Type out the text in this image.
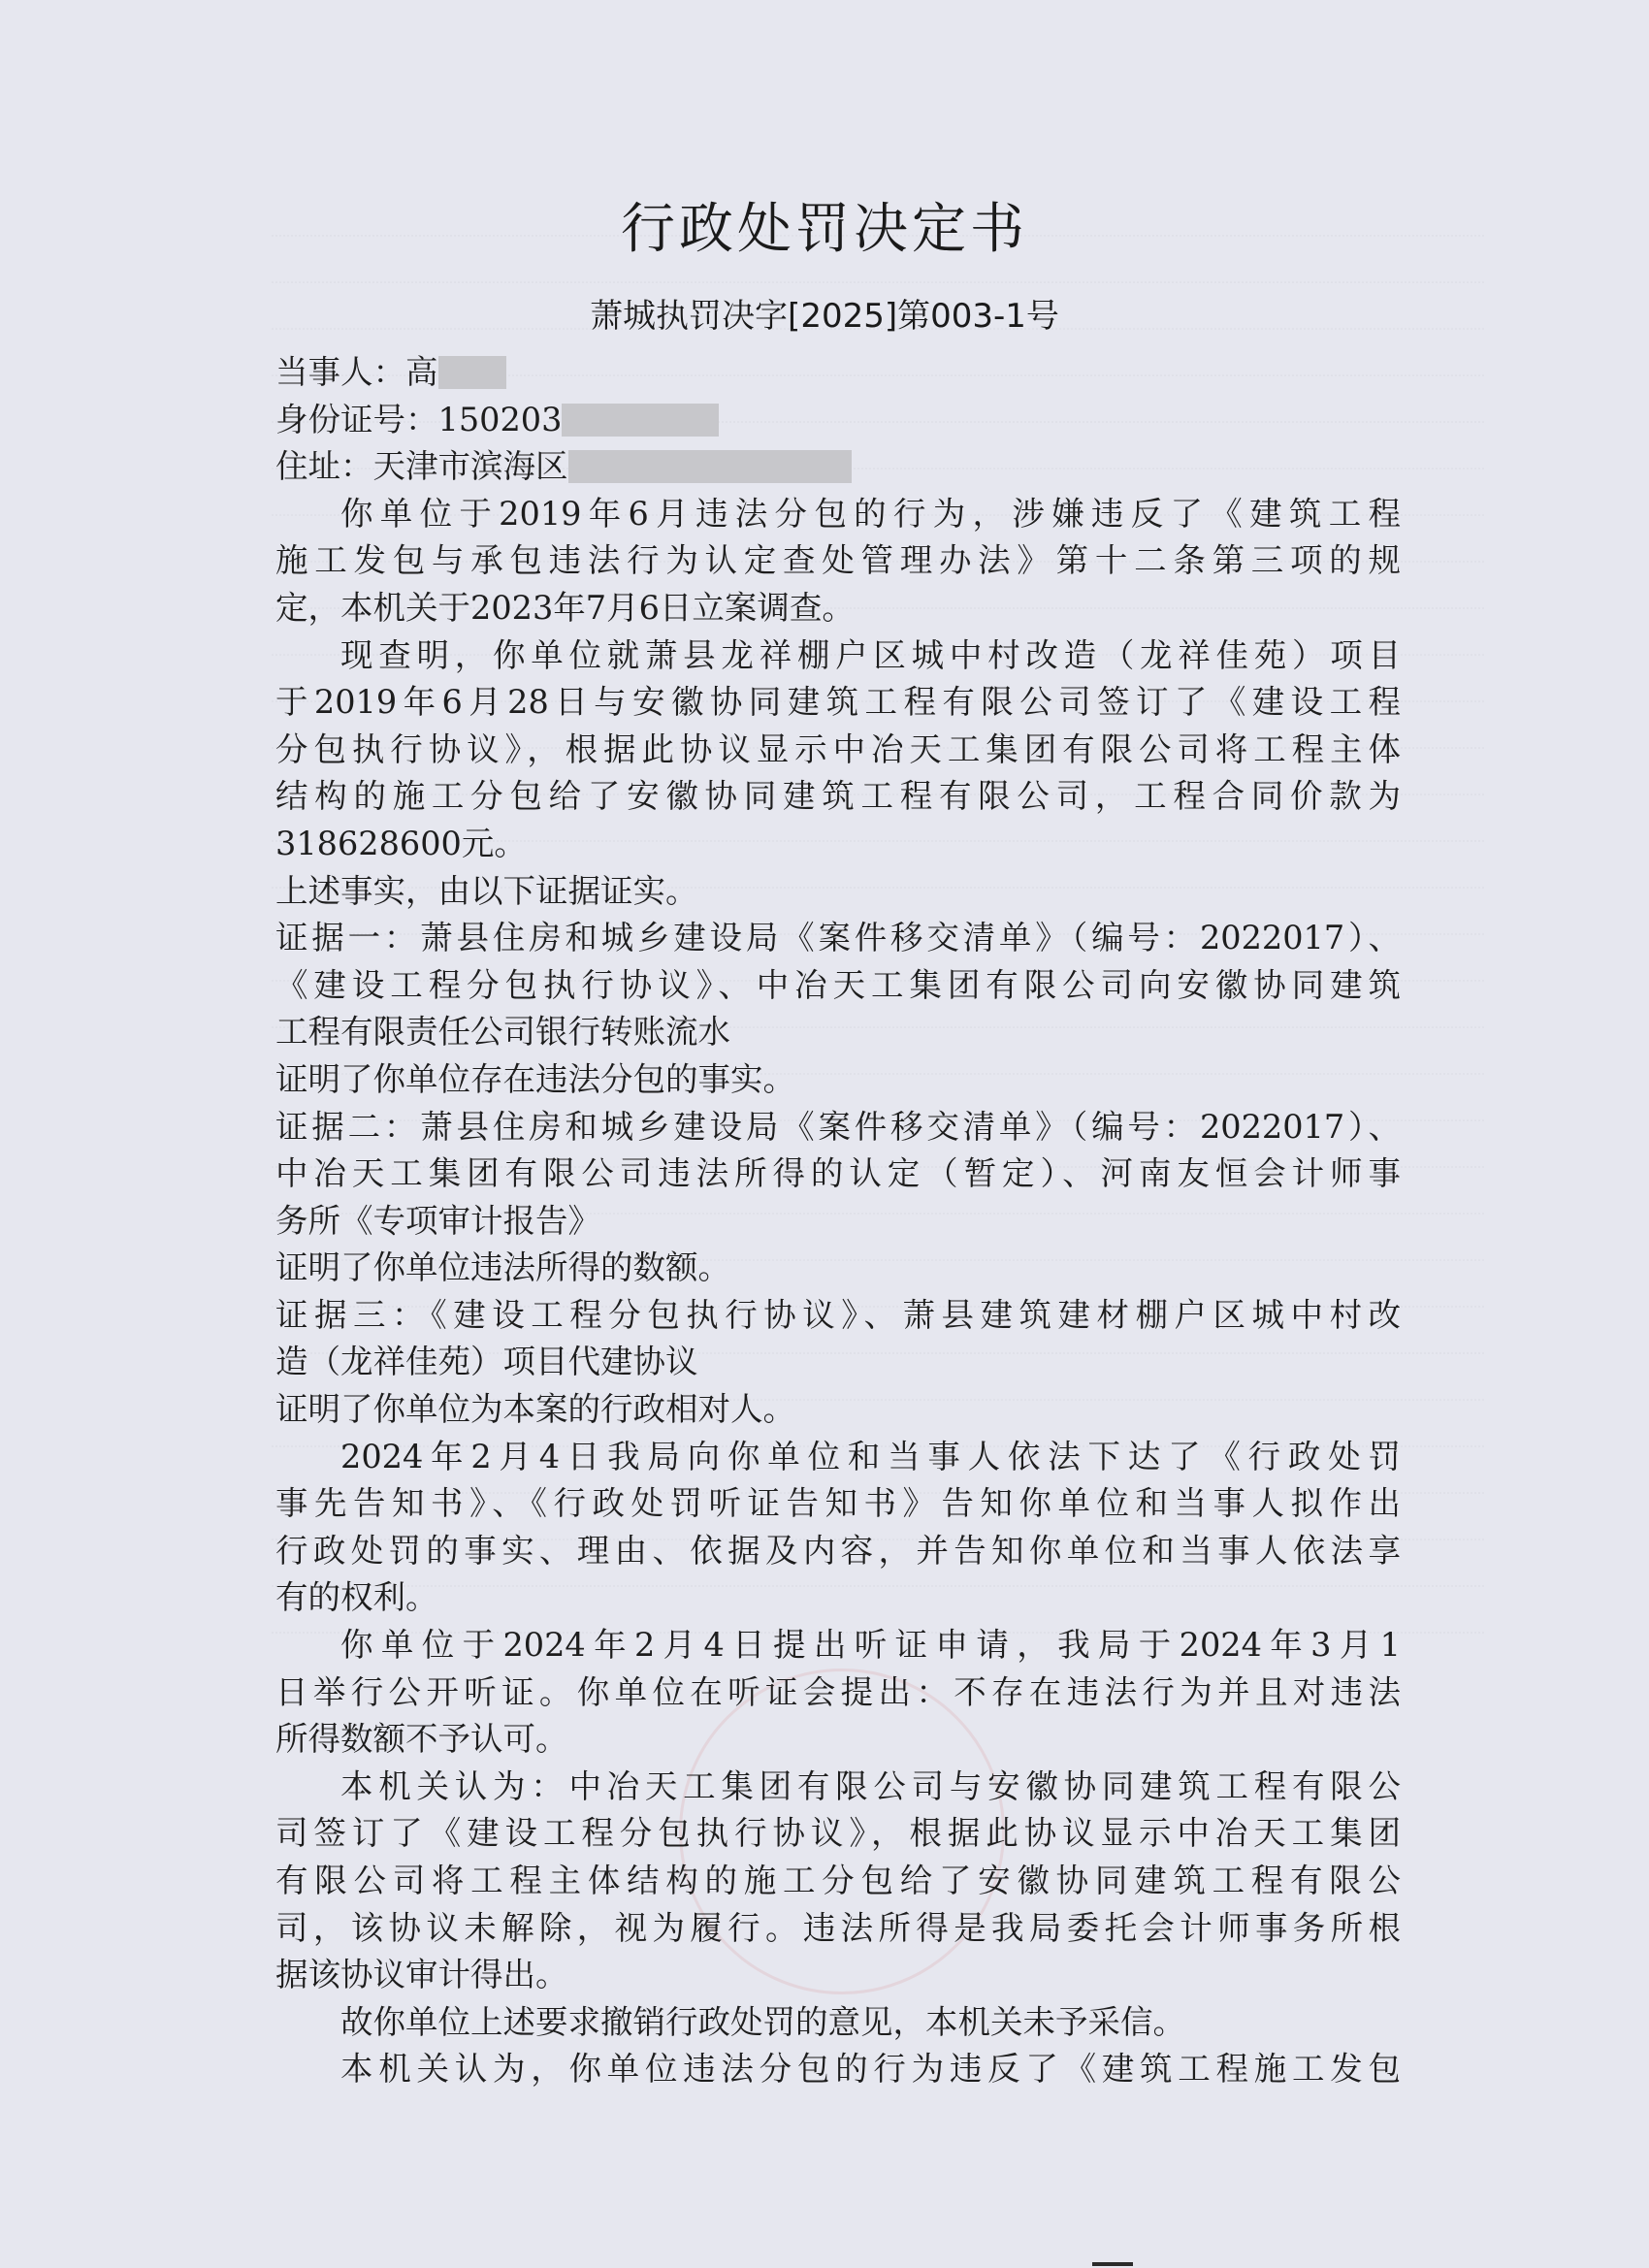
行政处罚决定书
萧城执罚决字[2025]第003-1号
当事人：高
身份证号：150203
住址：天津市滨海区
你单位于2019年6月违法分包的行为，涉嫌违反了《建筑工程
施工发包与承包违法行为认定查处管理办法》第十二条第三项的规
定，本机关于2023年7月6日立案调查。
现查明，你单位就萧县龙祥棚户区城中村改造（龙祥佳苑）项目
于2019年6月28日与安徽协同建筑工程有限公司签订了《建设工程
分包执行协议》，根据此协议显示中冶天工集团有限公司将工程主体
结构的施工分包给了安徽协同建筑工程有限公司，工程合同价款为
318628600元。
上述事实，由以下证据证实。
证据一：萧县住房和城乡建设局《案件移交清单》（编号：2022017）、
《建设工程分包执行协议》、中冶天工集团有限公司向安徽协同建筑
工程有限责任公司银行转账流水
证明了你单位存在违法分包的事实。
证据二：萧县住房和城乡建设局《案件移交清单》（编号：2022017）、
中冶天工集团有限公司违法所得的认定（暂定）、河南友恒会计师事
务所《专项审计报告》
证明了你单位违法所得的数额。
证据三：《建设工程分包执行协议》、萧县建筑建材棚户区城中村改
造（龙祥佳苑）项目代建协议
证明了你单位为本案的行政相对人。
2024年2月4日我局向你单位和当事人依法下达了《行政处罚
事先告知书》、《行政处罚听证告知书》告知你单位和当事人拟作出
行政处罚的事实、理由、依据及内容，并告知你单位和当事人依法享
有的权利。
你单位于2024年2月4日提出听证申请，我局于2024年3月1
日举行公开听证。你单位在听证会提出：不存在违法行为并且对违法
所得数额不予认可。
本机关认为：中冶天工集团有限公司与安徽协同建筑工程有限公
司签订了《建设工程分包执行协议》，根据此协议显示中冶天工集团
有限公司将工程主体结构的施工分包给了安徽协同建筑工程有限公
司，该协议未解除，视为履行。违法所得是我局委托会计师事务所根
据该协议审计得出。
故你单位上述要求撤销行政处罚的意见，本机关未予采信。
本机关认为，你单位违法分包的行为违反了《建筑工程施工发包
